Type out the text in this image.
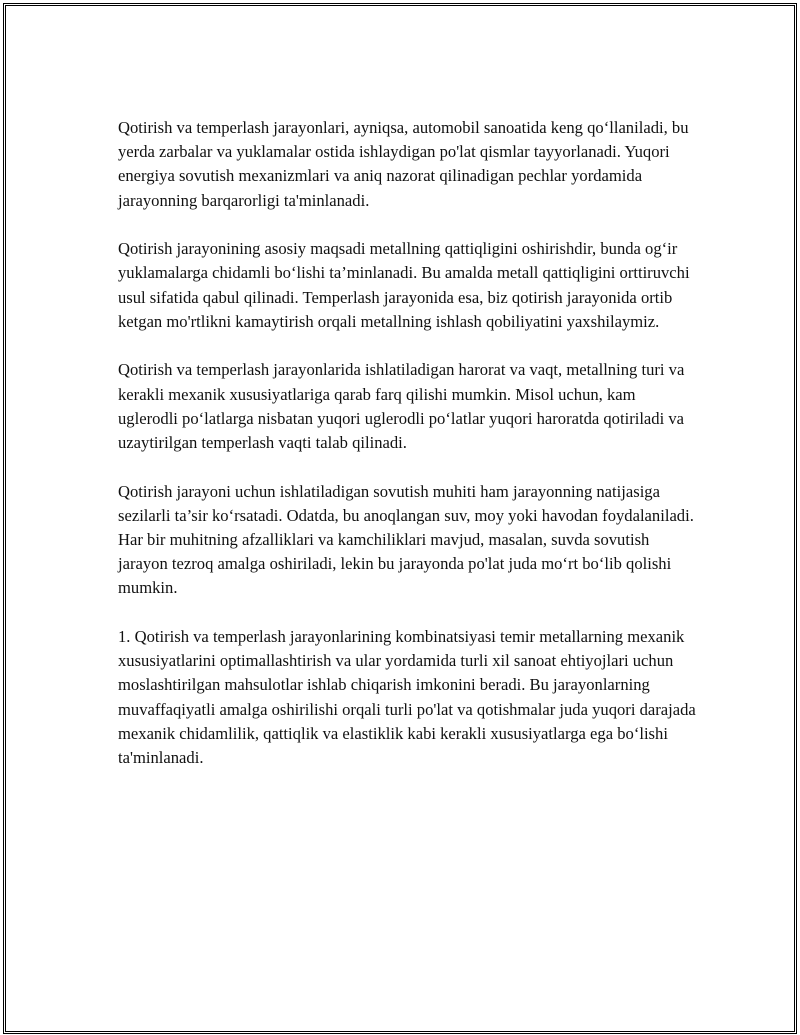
Qotirish va temperlash jarayonlari, ayniqsa, automobil sanoatida keng qo‘llaniladi, bu yerda zarbalar va yuklamalar ostida ishlaydigan po'lat qismlar tayyorlanadi. Yuqori energiya sovutish mexanizmlari va aniq nazorat qilinadigan pechlar yordamida jarayonning barqarorligi ta'minlanadi.

Qotirish jarayonining asosiy maqsadi metallning qattiqligini oshirishdir, bunda og‘ir yuklamalarga chidamli bo‘lishi ta’minlanadi. Bu amalda metall qattiqligini orttiruvchi usul sifatida qabul qilinadi. Temperlash jarayonida esa, biz qotirish jarayonida ortib ketgan mo'rtlikni kamaytirish orqali metallning ishlash qobiliyatini yaxshilaymiz.

Qotirish va temperlash jarayonlarida ishlatiladigan harorat va vaqt, metallning turi va kerakli mexanik xususiyatlariga qarab farq qilishi mumkin. Misol uchun, kam uglerodli po‘latlarga nisbatan yuqori uglerodli po‘latlar yuqori haroratda qotiriladi va uzaytirilgan temperlash vaqti talab qilinadi.

Qotirish jarayoni uchun ishlatiladigan sovutish muhiti ham jarayonning natijasiga sezilarli ta’sir ko‘rsatadi. Odatda, bu anoqlangan suv, moy yoki havodan foydalaniladi. Har bir muhitning afzalliklari va kamchiliklari mavjud, masalan, suvda sovutish jarayon tezroq amalga oshiriladi, lekin bu jarayonda po'lat juda mo‘rt bo‘lib qolishi mumkin.

1. Qotirish va temperlash jarayonlarining kombinatsiyasi temir metallarning mexanik xususiyatlarini optimallashtirish va ular yordamida turli xil sanoat ehtiyojlari uchun moslashtirilgan mahsulotlar ishlab chiqarish imkonini beradi. Bu jarayonlarning muvaffaqiyatli amalga oshirilishi orqali turli po'lat va qotishmalar juda yuqori darajada mexanik chidamlilik, qattiqlik va elastiklik kabi kerakli xususiyatlarga ega bo‘lishi ta'minlanadi.
